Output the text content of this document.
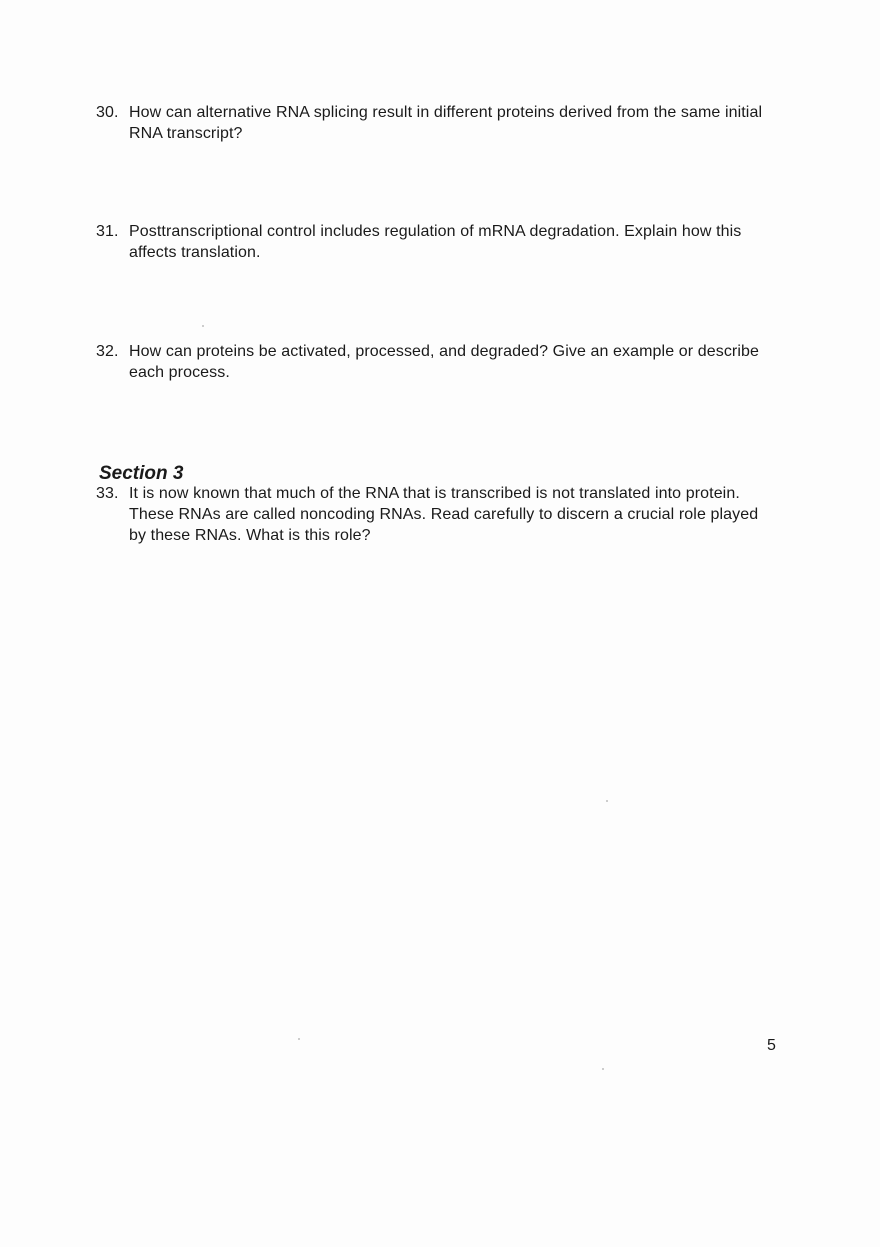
30. How can alternative RNA splicing result in different proteins derived from the same initial RNA transcript?
31. Posttranscriptional control includes regulation of mRNA degradation. Explain how this affects translation.
32. How can proteins be activated, processed, and degraded? Give an example or describe each process.
Section 3
33. It is now known that much of the RNA that is transcribed is not translated into protein. These RNAs are called noncoding RNAs. Read carefully to discern a crucial role played by these RNAs. What is this role?
5
